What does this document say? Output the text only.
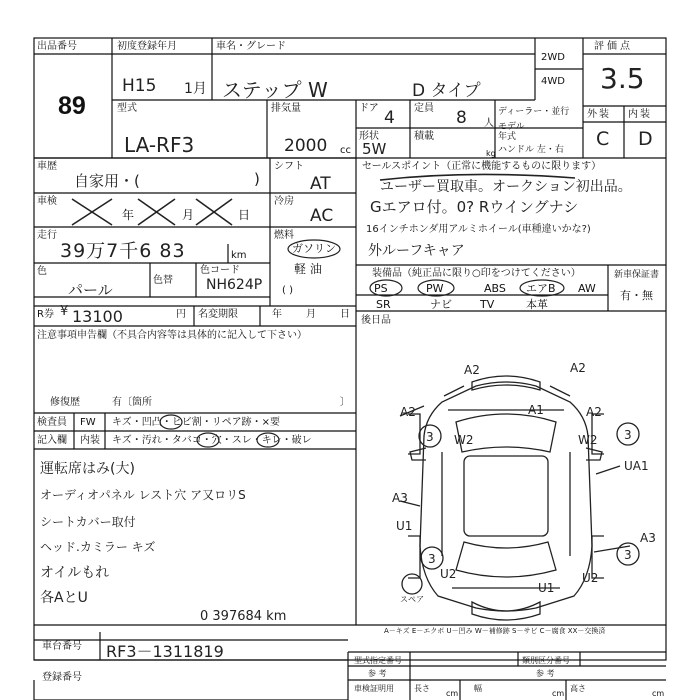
出品番号
89
初度登録年月
H15 1月
車名・グレード
ステップ W	D タイプ
2WD
4WD
評価点
3.5
型式
LA-RF3
排気量
2000 cc
ドア 4 定員 8 人
ディーラー・並行
モデル
年式
形状
5W
積載
kg ハンドル 左・右
外装 内装
C D
車歴
自家用・(	)
シフト
AT
車検
年	月	日
冷房
AC
走行
39万7千6 83	km
燃料
ガソリン
軽 油
( )
色
パール
色替
色コード
NH624P
セールスポイント（正常に機能するものに限ります）
ユーザー買取車。オークション初出品。
Gエアロ付。0? Rウイングナシ
16インチホンダ用アルミホイール(車種違いかな?)
外ルーフキャア
装備品（純正品に限り○印をつけてください）
PS	PW	ABS エアB AW
SR	ナビ	TV	本革
新車保証書
有・無
R券 ¥ 13100	円 名変期限	年 月 日
後日品
注意事項申告欄（不具合内容等は具体的に記入して下さい）
修復歴	有〔箇所	〕
検査員
記入欄
FW
内装
キズ・凹凸・ヒビ割・リペア跡・×要
キズ・汚れ・タバコ・穴・スレ・キレ・破レ
運転席はみ(大)
オーディオパネル レスト穴 ア又ロリS
シートカバー取付
ヘッド.カミラー キズ
オイルもれ
各AとU
0 397684 km
A2	A2
A1
A2	A2
3	3
W2	W2
UA1
A3
U1
A3
3	3
U2
U1
U2
スペア
A－キズ E－エクボ U－凹み W－補修跡 S－サビ C－腐食 XX－交換済
車台番号 RF3－1311819
登録番号
型式指定番号	類別区分番号
参 考	参 考
車検証明用	長さ	幅	高さ
cm	cm	cm
